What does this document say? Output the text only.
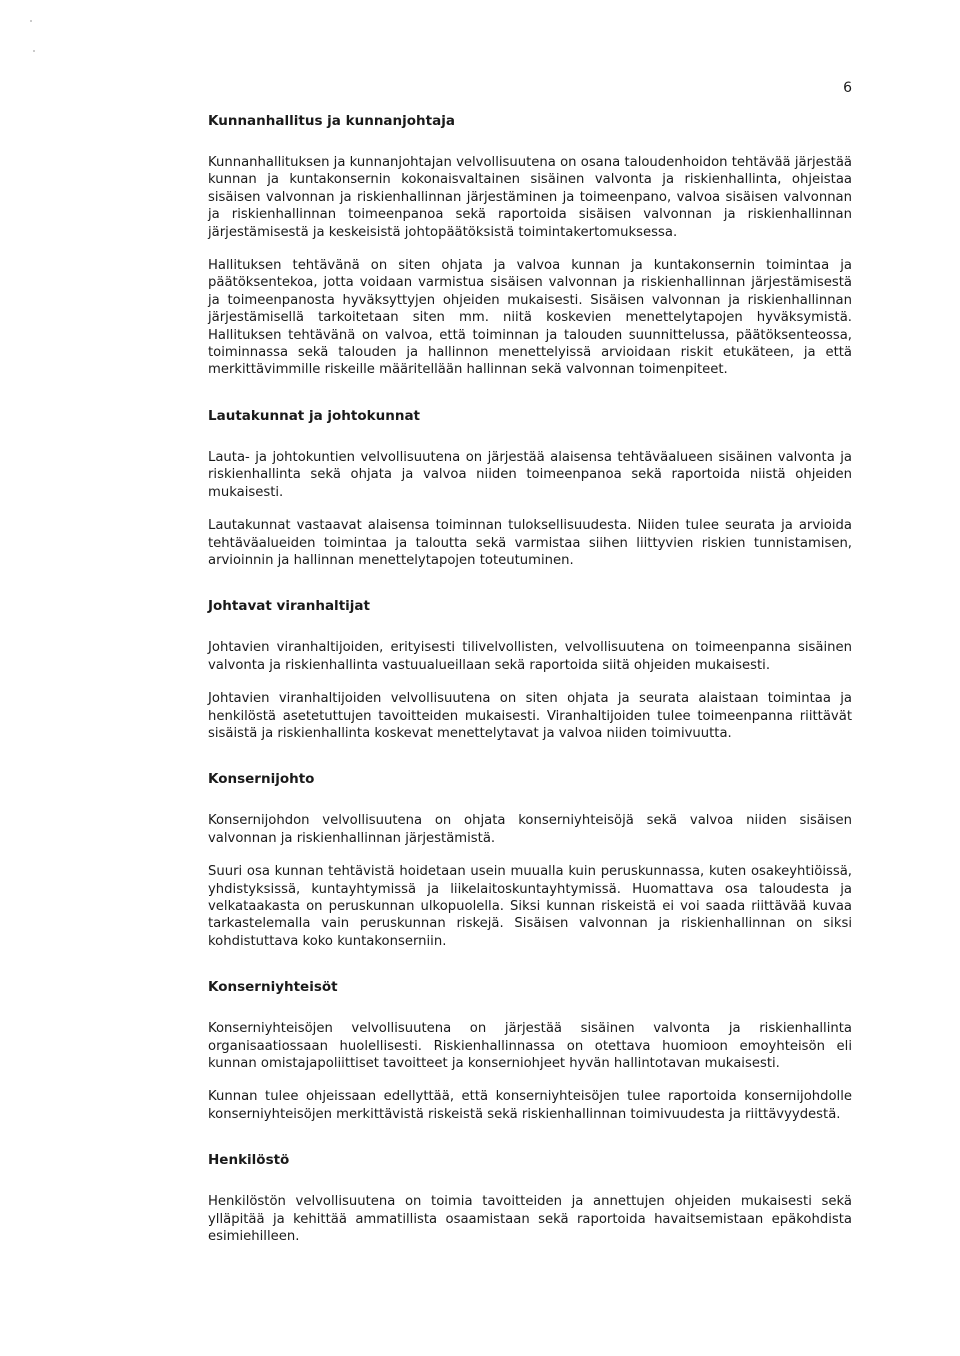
6

Kunnanhallitus ja kunnanjohtaja

Kunnanhallituksen ja kunnanjohtajan velvollisuutena on osana taloudenhoidon tehtävää järjestää kunnan ja kuntakonsernin kokonaisvaltainen sisäinen valvonta ja riskienhallinta, ohjeistaa sisäisen valvonnan ja riskienhallinnan järjestäminen ja toimeenpano, valvoa sisäisen valvonnan ja riskienhallinnan toimeenpanoa sekä raportoida sisäisen valvonnan ja riskienhallinnan järjestämisestä ja keskeisistä johtopäätöksistä toimintakertomuksessa.

Hallituksen tehtävänä on siten ohjata ja valvoa kunnan ja kuntakonsernin toimintaa ja päätöksentekoa, jotta voidaan varmistua sisäisen valvonnan ja riskienhallinnan järjestämisestä ja toimeenpanosta hyväksyttyjen ohjeiden mukaisesti. Sisäisen valvonnan ja riskienhallinnan järjestämisellä tarkoitetaan siten mm. niitä koskevien menettelytapojen hyväksymistä. Hallituksen tehtävänä on valvoa, että toiminnan ja talouden suunnittelussa, päätöksenteossa, toiminnassa sekä talouden ja hallinnon menettelyissä arvioidaan riskit etukäteen, ja että merkittävimmille riskeille määritellään hallinnan sekä valvonnan toimenpiteet.

Lautakunnat ja johtokunnat

Lauta- ja johtokuntien velvollisuutena on järjestää alaisensa tehtäväalueen sisäinen valvonta ja riskienhallinta sekä ohjata ja valvoa niiden toimeenpanoa sekä raportoida niistä ohjeiden mukaisesti.

Lautakunnat vastaavat alaisensa toiminnan tuloksellisuudesta. Niiden tulee seurata ja arvioida tehtäväalueiden toimintaa ja taloutta sekä varmistaa siihen liittyvien riskien tunnistamisen, arvioinnin ja hallinnan menettelytapojen toteutuminen.

Johtavat viranhaltijat

Johtavien viranhaltijoiden, erityisesti tilivelvollisten, velvollisuutena on toimeenpanna sisäinen valvonta ja riskienhallinta vastuualueillaan sekä raportoida siitä ohjeiden mukaisesti.

Johtavien viranhaltijoiden velvollisuutena on siten ohjata ja seurata alaistaan toimintaa ja henkilöstä asetetuttujen tavoitteiden mukaisesti. Viranhaltijoiden tulee toimeenpanna riittävät sisäistä ja riskienhallinta koskevat menettelytavat ja valvoa niiden toimivuutta.

Konsernijohto

Konsernijohdon velvollisuutena on ohjata konserniyhteisöjä sekä valvoa niiden sisäisen valvonnan ja riskienhallinnan järjestämistä.

Suuri osa kunnan tehtävistä hoidetaan usein muualla kuin peruskunnassa, kuten osakeyhtiöissä, yhdistyksissä, kuntayhtymissä ja liikelaitoskuntayhtymissä. Huomattava osa taloudesta ja velkataakasta on peruskunnan ulkopuolella. Siksi kunnan riskeistä ei voi saada riittävää kuvaa tarkastelemalla vain peruskunnan riskejä. Sisäisen valvonnan ja riskienhallinnan on siksi kohdistuttava koko kuntakonserniin.

Konserniyhteisöt

Konserniyhteisöjen velvollisuutena on järjestää sisäinen valvonta ja riskienhallinta organisaatiossaan huolellisesti. Riskienhallinnassa on otettava huomioon emoyhteisön eli kunnan omistajapoliittiset tavoitteet ja konserniohjeet hyvän hallintotavan mukaisesti.

Kunnan tulee ohjeissaan edellyttää, että konserniyhteisöjen tulee raportoida konsernijohdolle konserniyhteisöjen merkittävistä riskeistä sekä riskienhallinnan toimivuudesta ja riittävyydestä.

Henkilöstö

Henkilöstön velvollisuutena on toimia tavoitteiden ja annettujen ohjeiden mukaisesti sekä ylläpitää ja kehittää ammatillista osaamistaan sekä raportoida havaitsemistaan epäkohdista esimiehilleen.
